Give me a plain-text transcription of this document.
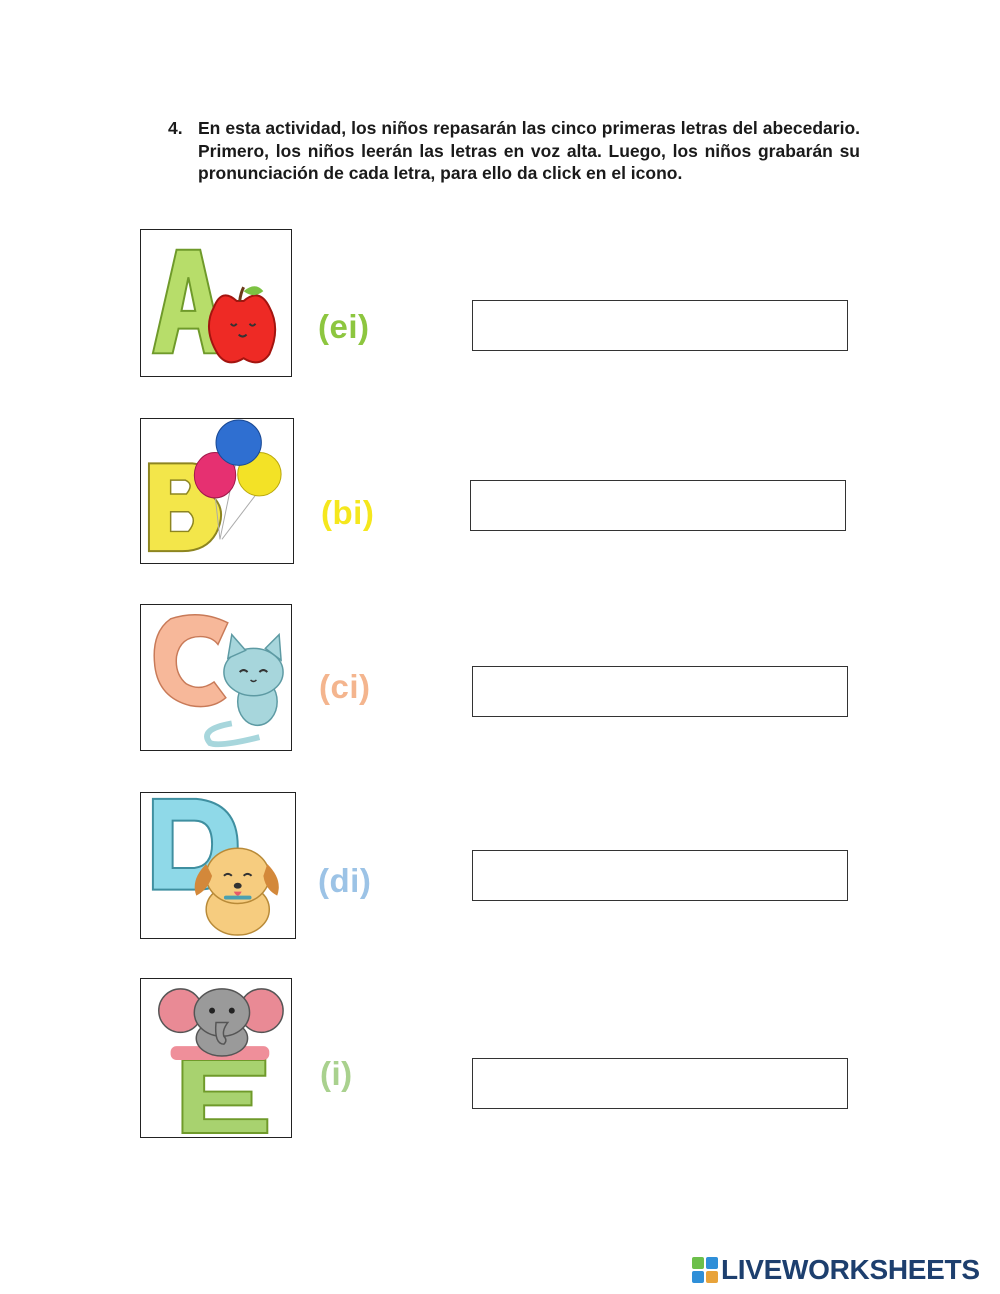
4. En esta actividad, los niños repasarán las cinco primeras letras del abecedario. Primero, los niños leerán las letras en voz alta. Luego, los niños grabarán su pronunciación de cada letra, para ello da click en el icono.
(ei)
(bi)
(ci)
(di)
(i)
LIVEWORKSHEETS
